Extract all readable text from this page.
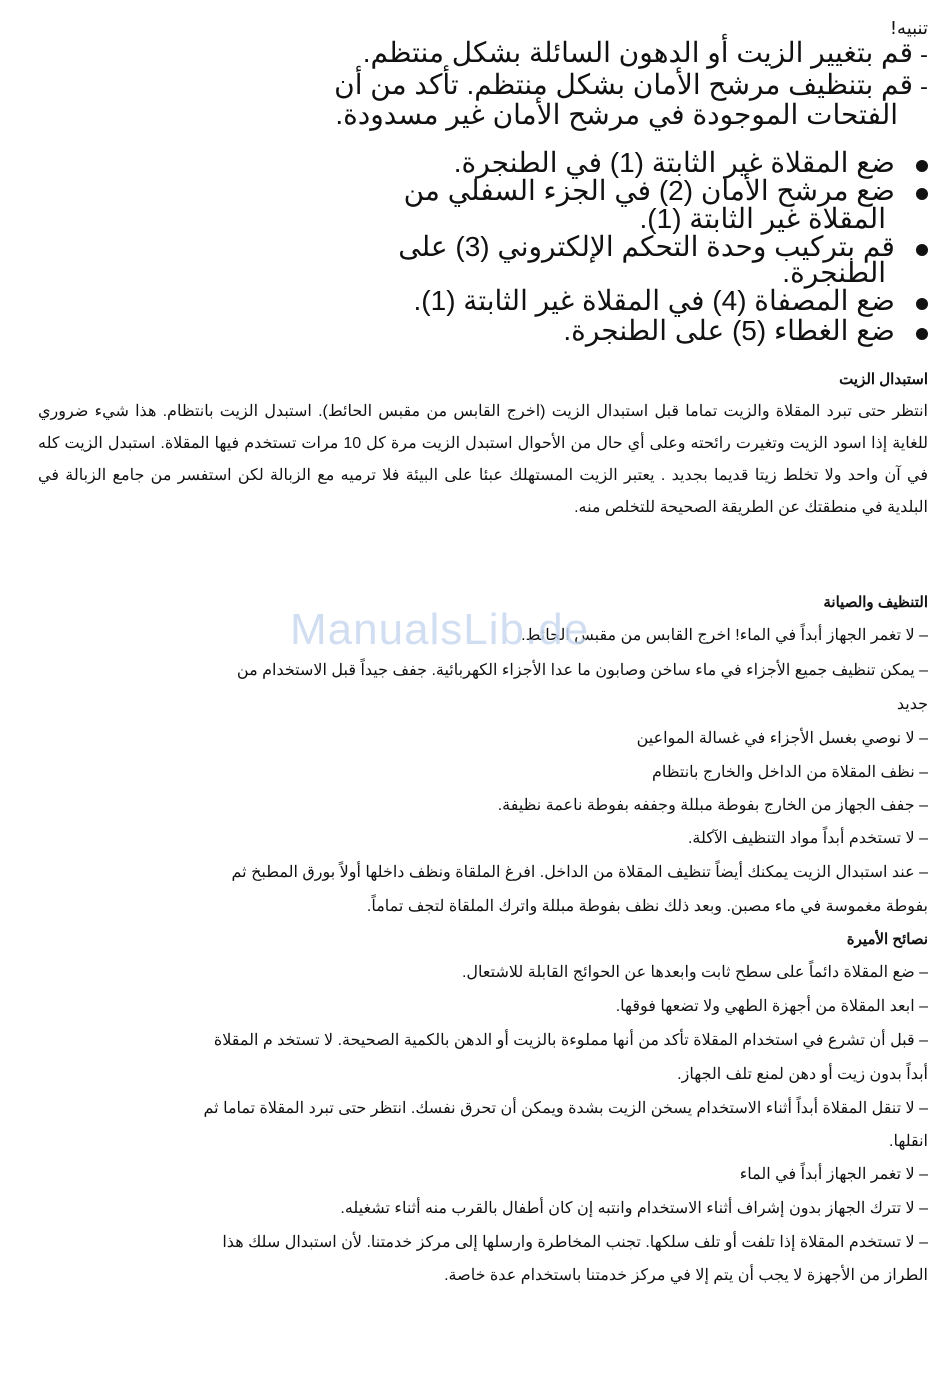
تنبيه!
- قم بتغيير الزيت أو الدهون السائلة بشكل منتظم.
- قم بتنظيف مرشح الأمان بشكل منتظم. تأكد من أن
الفتحات الموجودة في مرشح الأمان غير مسدودة.
ضع المقلاة غير الثابتة (1) في الطنجرة.
ضع مرشح الأمان (2) في الجزء السفلي من
المقلاة غير الثابتة (1).
قم بتركيب وحدة التحكم الإلكتروني (3) على
الطنجرة.
ضع المصفاة (4) في المقلاة غير الثابتة (1).
ضع الغطاء (5) على الطنجرة.
استبدال الزيت
انتظر حتى تبرد المقلاة والزيت تماما قبل استبدال الزيت (اخرج القابس من مقبس الحائط). استبدل الزيت بانتظام. هذا شيء ضروري للغاية إذا اسود الزيت وتغيرت رائحته وعلى أي حال من الأحوال استبدل الزيت مرة كل 10 مرات تستخدم فيها المقلاة. استبدل الزيت كله في آن واحد ولا تخلط زيتا قديما بجديد . يعتبر الزيت المستهلك عبئا على البيئة فلا ترميه مع الزبالة لكن استفسر من جامع الزبالة في البلدية في منطقتك عن الطريقة الصحيحة للتخلص منه.
التنظيف والصيانة
– لا تغمر الجهاز أبداً في الماء! اخرج القابس من مقبس الحائط.
– يمكن تنظيف جميع الأجزاء في ماء ساخن وصابون ما عدا الأجزاء الكهربائية. جفف جيداً قبل الاستخدام من
جديد
– لا نوصي بغسل الأجزاء في غسالة المواعين
– نظف المقلاة من الداخل والخارج بانتظام
– جفف الجهاز من الخارج بفوطة مبللة وجففه بفوطة ناعمة نظيفة.
– لا تستخدم أبداً مواد التنظيف الآكلة.
– عند استبدال الزيت يمكنك أيضاً تنظيف المقلاة من الداخل. افرغ الملقاة ونظف داخلها أولاً بورق المطبخ ثم
بفوطة مغموسة في ماء مصبن. وبعد ذلك نظف بفوطة مبللة واترك الملقاة لتجف تماماً.
نصائح الأميرة
– ضع المقلاة دائماً على سطح ثابت وابعدها عن الحوائج القابلة للاشتعال.
– ابعد المقلاة من أجهزة الطهي ولا تضعها فوقها.
– قبل أن تشرع في استخدام المقلاة تأكد من أنها مملوءة بالزيت أو الدهن بالكمية الصحيحة. لا تستخد م المقلاة
أبداً بدون زيت أو دهن لمنع تلف الجهاز.
– لا تنقل المقلاة أبداً أثناء الاستخدام يسخن الزيت بشدة ويمكن أن تحرق نفسك. انتظر حتى تبرد المقلاة تماما ثم
انقلها.
– لا تغمر الجهاز أبداً في الماء
– لا تترك الجهاز بدون إشراف أثناء الاستخدام وانتبه إن كان أطفال بالقرب منه أثناء تشغيله.
– لا تستخدم المقلاة إذا تلفت أو تلف سلكها. تجنب المخاطرة وارسلها إلى مركز خدمتنا. لأن استبدال سلك هذا
الطراز من الأجهزة لا يجب أن يتم إلا في مركز خدمتنا باستخدام عدة خاصة.
ManualsLib.de
